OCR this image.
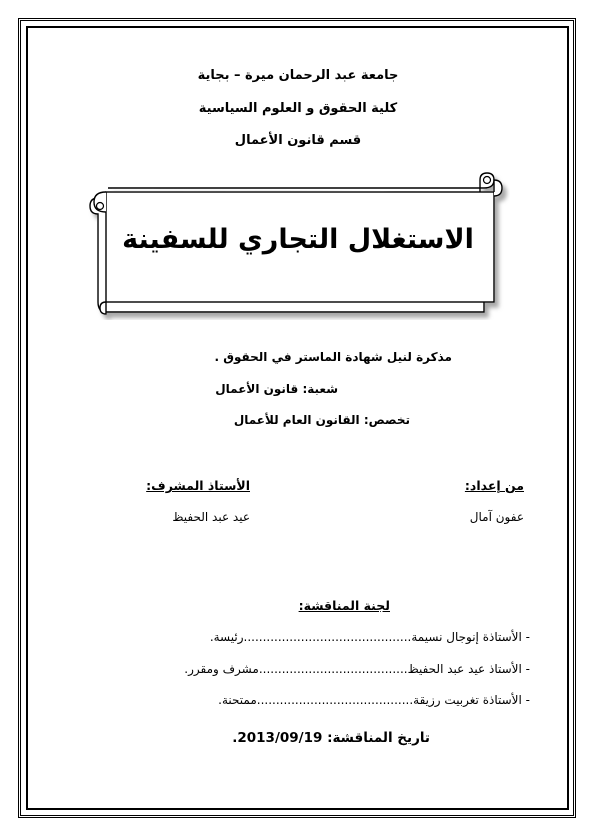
جامعة عبد الرحمان ميرة – بجاية
كلية الحقوق و العلوم السياسية
قسم قانون الأعمال
الاستغلال التجاري للسفينة
مذكرة لنيل شهادة الماستر في الحقوق .
شعبة: قانون الأعمال
تخصص: القانون العام للأعمال
من إعداد:
الأستاذ المشرف:
عفون آمال
عيد عبد الحفيظ
لجنة المناقشة:
- الأستاذة إنوجال نسيمة............................................رئيسة.
- الأستاذ عيد عبد الحفيظ.......................................مشرف ومقرر.
- الأستاذة تغربيت رزيقة.........................................ممتحنة.
تاريخ المناقشة: 2013/09/19.
